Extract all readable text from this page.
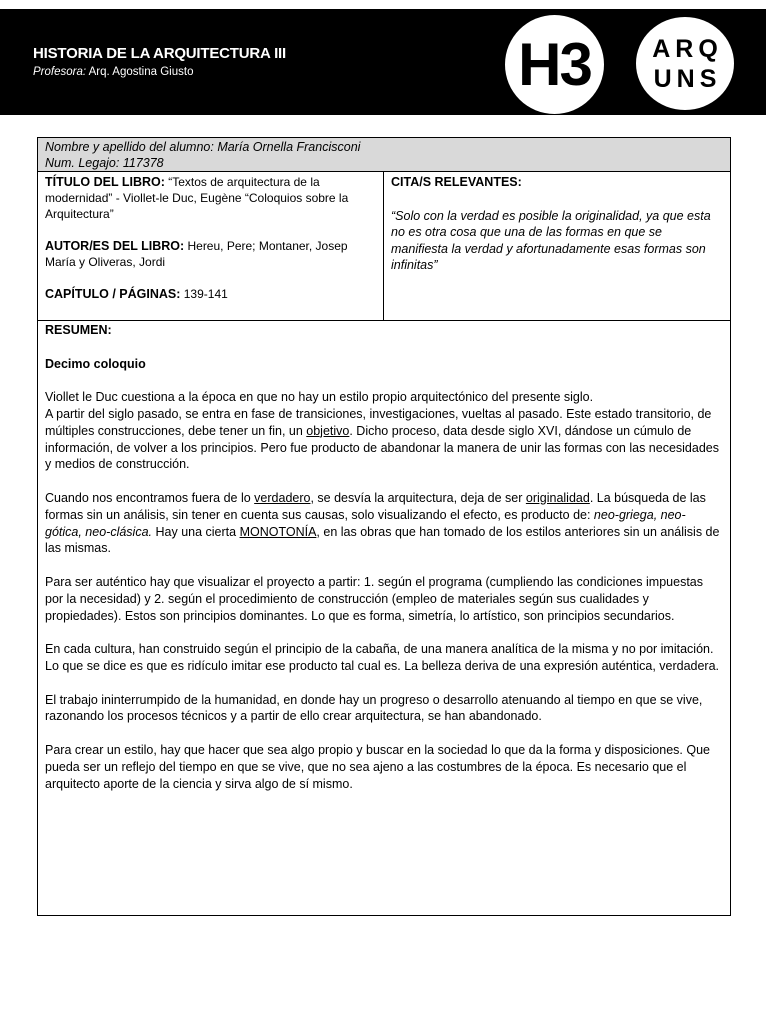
HISTORIA DE LA ARQUITECTURA III
Profesora: Arq. Agostina Giusto	H3	ARQ
UNS
Nombre y apellido del alumno: María Ornella Francisconi
Num. Legajo: 117378
TÍTULO DEL LIBRO: “Textos de arquitectura de la modernidad” - Viollet-le Duc, Eugène “Coloquios sobre la Arquitectura”
AUTOR/ES DEL LIBRO: Hereu, Pere; Montaner, Josep María y Oliveras, Jordi
CAPÍTULO / PÁGINAS: 139-141
CITA/S RELEVANTES:
“Solo con la verdad es posible la originalidad, ya que esta no es otra cosa que una de las formas en que se manifiesta la verdad y afortunadamente esas formas son infinitas”

RESUMEN:

Decimo coloquio

Viollet le Duc cuestiona a la época en que no hay un estilo propio arquitectónico del presente siglo.

A partir del siglo pasado, se entra en fase de transiciones, investigaciones, vueltas al pasado. Este estado transitorio, de múltiples construcciones, debe tener un fin, un objetivo. Dicho proceso, data desde siglo XVI, dándose un cúmulo de información, de volver a los principios. Pero fue producto de abandonar la manera de unir las formas con las necesidades y medios de construcción.

Cuando nos encontramos fuera de lo verdadero, se desvía la arquitectura, deja de ser originalidad. La búsqueda de las formas sin un análisis, sin tener en cuenta sus causas, solo visualizando el efecto, es producto de: neo-griega, neo-gótica, neo-clásica. Hay una cierta MONOTONÍA, en las obras que han tomado de los estilos anteriores sin un análisis de las mismas.

Para ser auténtico hay que visualizar el proyecto a partir: 1. según el programa (cumpliendo las condiciones impuestas por la necesidad) y 2. según el procedimiento de construcción (empleo de materiales según sus cualidades y propiedades). Estos son principios dominantes. Lo que es forma, simetría, lo artístico, son principios secundarios.

En cada cultura, han construido según el principio de la cabaña, de una manera analítica de la misma y no por imitación. Lo que se dice es que es ridículo imitar ese producto tal cual es. La belleza deriva de una expresión auténtica, verdadera.

El trabajo ininterrumpido de la humanidad, en donde hay un progreso o desarrollo atenuando al tiempo en que se vive, razonando los procesos técnicos y a partir de ello crear arquitectura, se han abandonado.

Para crear un estilo, hay que hacer que sea algo propio y buscar en la sociedad lo que da la forma y disposiciones. Que pueda ser un reflejo del tiempo en que se vive, que no sea ajeno a las costumbres de la época. Es necesario que el arquitecto aporte de la ciencia y sirva algo de sí mismo.
